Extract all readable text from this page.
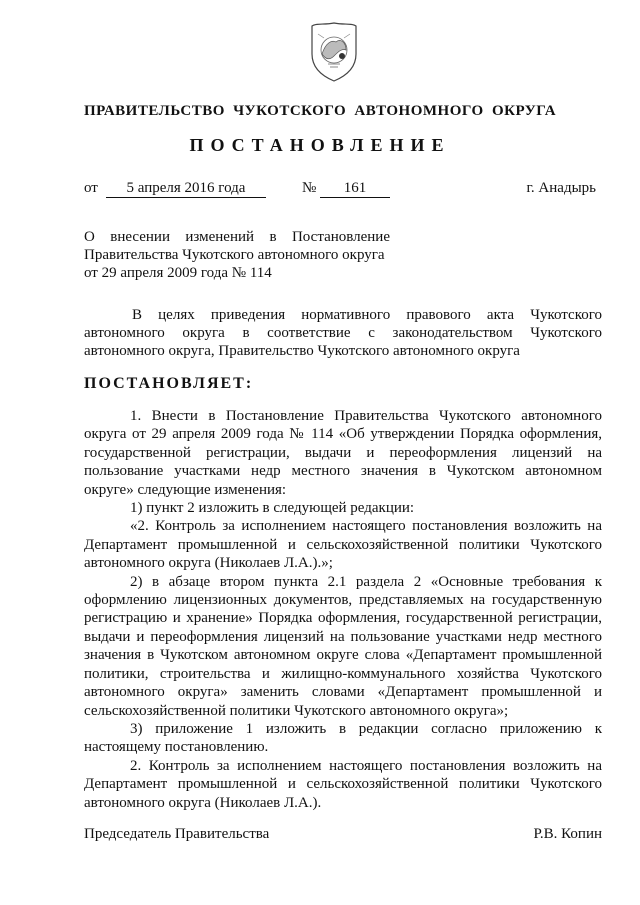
ПРАВИТЕЛЬСТВО ЧУКОТСКОГО АВТОНОМНОГО ОКРУГА
ПОСТАНОВЛЕНИЕ
от	5 апреля 2016 года	№	161	г. Анадырь
О внесении изменений в Постановление
Правительства Чукотского автономного округа
от 29 апреля 2009 года № 114

В целях приведения нормативного правового акта Чукотского автономного округа в соответствие с законодательством Чукотского автономного округа, Правительство Чукотского автономного округа

ПОСТАНОВЛЯЕТ:

1. Внести в Постановление Правительства Чукотского автономного округа от 29 апреля 2009 года № 114 «Об утверждении Порядка оформления, государственной регистрации, выдачи и переоформления лицензий на пользование участками недр местного значения в Чукотском автономном округе» следующие изменения:

1) пункт 2 изложить в следующей редакции:

«2. Контроль за исполнением настоящего постановления возложить на Департамент промышленной и сельскохозяйственной политики Чукотского автономного округа (Николаев Л.А.).»;

2) в абзаце втором пункта 2.1 раздела 2 «Основные требования к оформлению лицензионных документов, представляемых на государственную регистрацию и хранение» Порядка оформления, государственной регистрации, выдачи и переоформления лицензий на пользование участками недр местного значения в Чукотском автономном округе слова «Департамент промышленной политики, строительства и жилищно-коммунального хозяйства Чукотского автономного округа» заменить словами «Департамент промышленной и сельскохозяйственной политики Чукотского автономного округа»;

3) приложение 1 изложить в редакции согласно приложению к настоящему постановлению.

2. Контроль за исполнением настоящего постановления возложить на Департамент промышленной и сельскохозяйственной политики Чукотского автономного округа (Николаев Л.А.).

Председатель Правительства	Р.В. Копин
